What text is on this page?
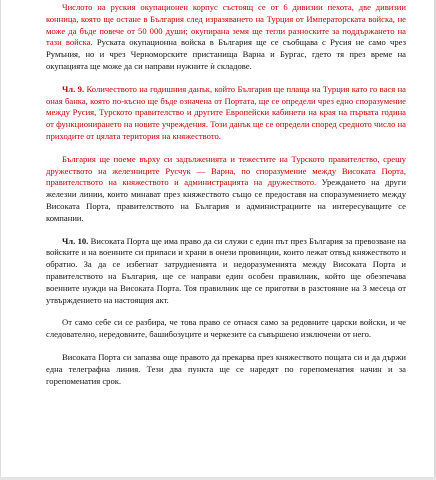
Числото на руския окупационен корпус състоящ се от 6 дивизии пехота, две дивизии конница, която ще остане в България след изразяването на Турция от Императорската войска, не може да бъде повече от 50 000 души; окупирана земя ще тегли разноските за поддържането на тази войска. Руската окупационна войска в България ще се съобщава с Русия не само чрез Румъния, но и чрез Черноморските пристанища Варна и Бургас, гдето тя през време на окупацията ще може да си направи нужните ѝ складове.

Чл. 9. Количеството на годишния данък, който България ще плаща на Турция като го вася на оная банка, която по-късно ще бъде означена от Портата, ще се определи чрез едно споразумение между Русия, Турското правителство и другите Европейски кабинети на края на първата година от функционирането на новите учреждения. Този данък ще се определи според средното число на приходите от цялата територия на княжеството.

България ще поеме върху си задълженията и тежестите на Турското правителство, срешу дружеството на железниците Русчук — Варна, по споразумение между Високата Порта, правителството на княжеството и администрацията на дружеството. Уреждането на други железни линии, които минават през княжеството също се предоставя на споразумението между Високата Порта, правителството на България и администрациите на интересуващите се компании.

Чл. 10. Високата Порта ще има право да си служи с един път през България за превозване на войските и на военните си припаси и храни в онези провинции, които лежат отвъд княжеството и обратно. За да се избегнат затрудненията и недоразуменията между Високата Порта и правителството на България, ще се направи един особен правилник, който ще обезпечава военните нужди на Високата Порта. Тоя правилник ще се приготви в разстояние на 3 месеца от утвърждението на настоящия акт.

От само себе си се разбира, че това право се отнася само за редовните царски войски, и че следователно, нередовните, башибозуците и черкезите са съвършено изключени от него.

Високата Порта си запазва още правото да прекарва през княжеството пощата си и да държи една телеграфна линия. Тези два пункта ще се наредят по горепоменатия начин и за горепоменатия срок.
